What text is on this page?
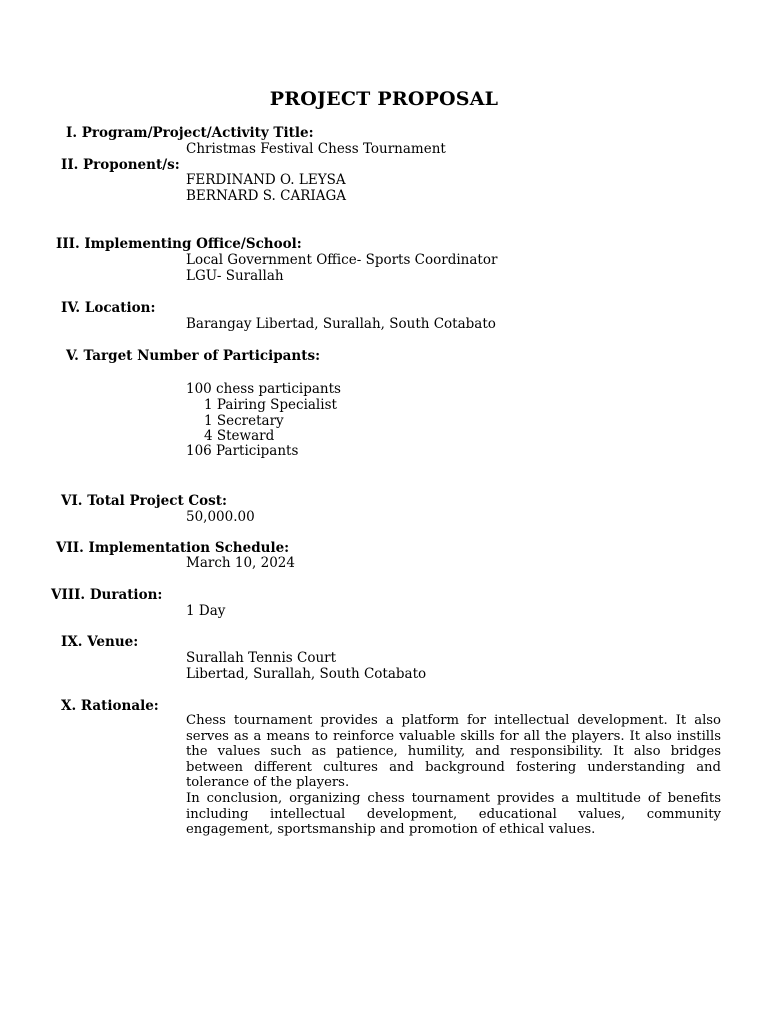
PROJECT PROPOSAL
I. Program/Project/Activity Title:
Christmas Festival Chess Tournament
II. Proponent/s:
FERDINAND O. LEYSA
BERNARD S. CARIAGA
III. Implementing Office/School:
Local Government Office- Sports Coordinator
LGU- Surallah
IV. Location:
Barangay Libertad, Surallah, South Cotabato
V. Target Number of Participants:
100 chess participants
1 Pairing Specialist
1 Secretary
4 Steward
106 Participants
VI. Total Project Cost:
50,000.00
VII. Implementation Schedule:
March 10, 2024
VIII. Duration:
1 Day
IX. Venue:
Surallah Tennis Court
Libertad, Surallah, South Cotabato
X. Rationale:

Chess tournament provides a platform for intellectual development. It also serves as a means to reinforce valuable skills for all the players. It also instills the values such as patience, humility, and responsibility. It also bridges between different cultures and background fostering understanding and tolerance of the players.

In conclusion, organizing chess tournament provides a multitude of benefits including intellectual development, educational values, community engagement, sportsmanship and promotion of ethical values.
